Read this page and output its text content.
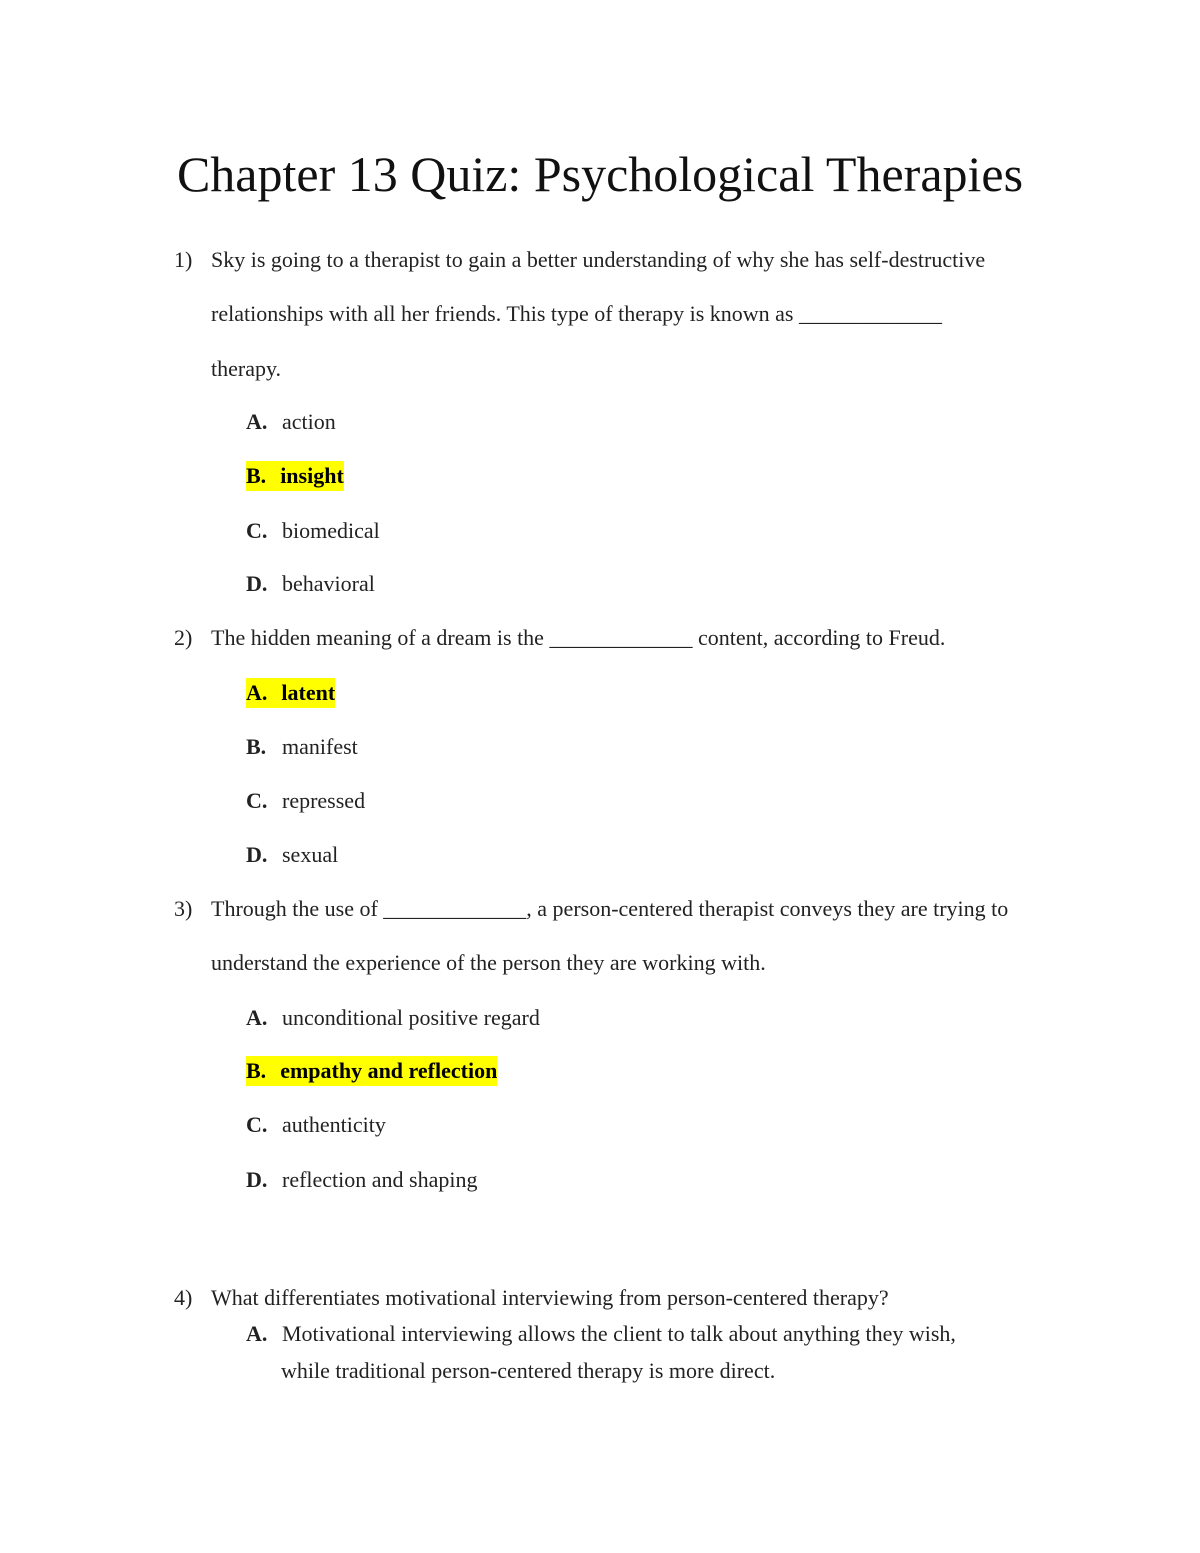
Chapter 13 Quiz: Psychological Therapies
1) Sky is going to a therapist to gain a better understanding of why she has self-destructive
relationships with all her friends. This type of therapy is known as _____________
therapy.
A. action
B. insight
C. biomedical
D. behavioral
2) The hidden meaning of a dream is the _____________ content, according to Freud.
A. latent
B. manifest
C. repressed
D. sexual
3) Through the use of _____________, a person-centered therapist conveys they are trying to
understand the experience of the person they are working with.
A. unconditional positive regard
B. empathy and reflection
C. authenticity
D. reflection and shaping
4) What differentiates motivational interviewing from person-centered therapy?
A. Motivational interviewing allows the client to talk about anything they wish,
while traditional person-centered therapy is more direct.
